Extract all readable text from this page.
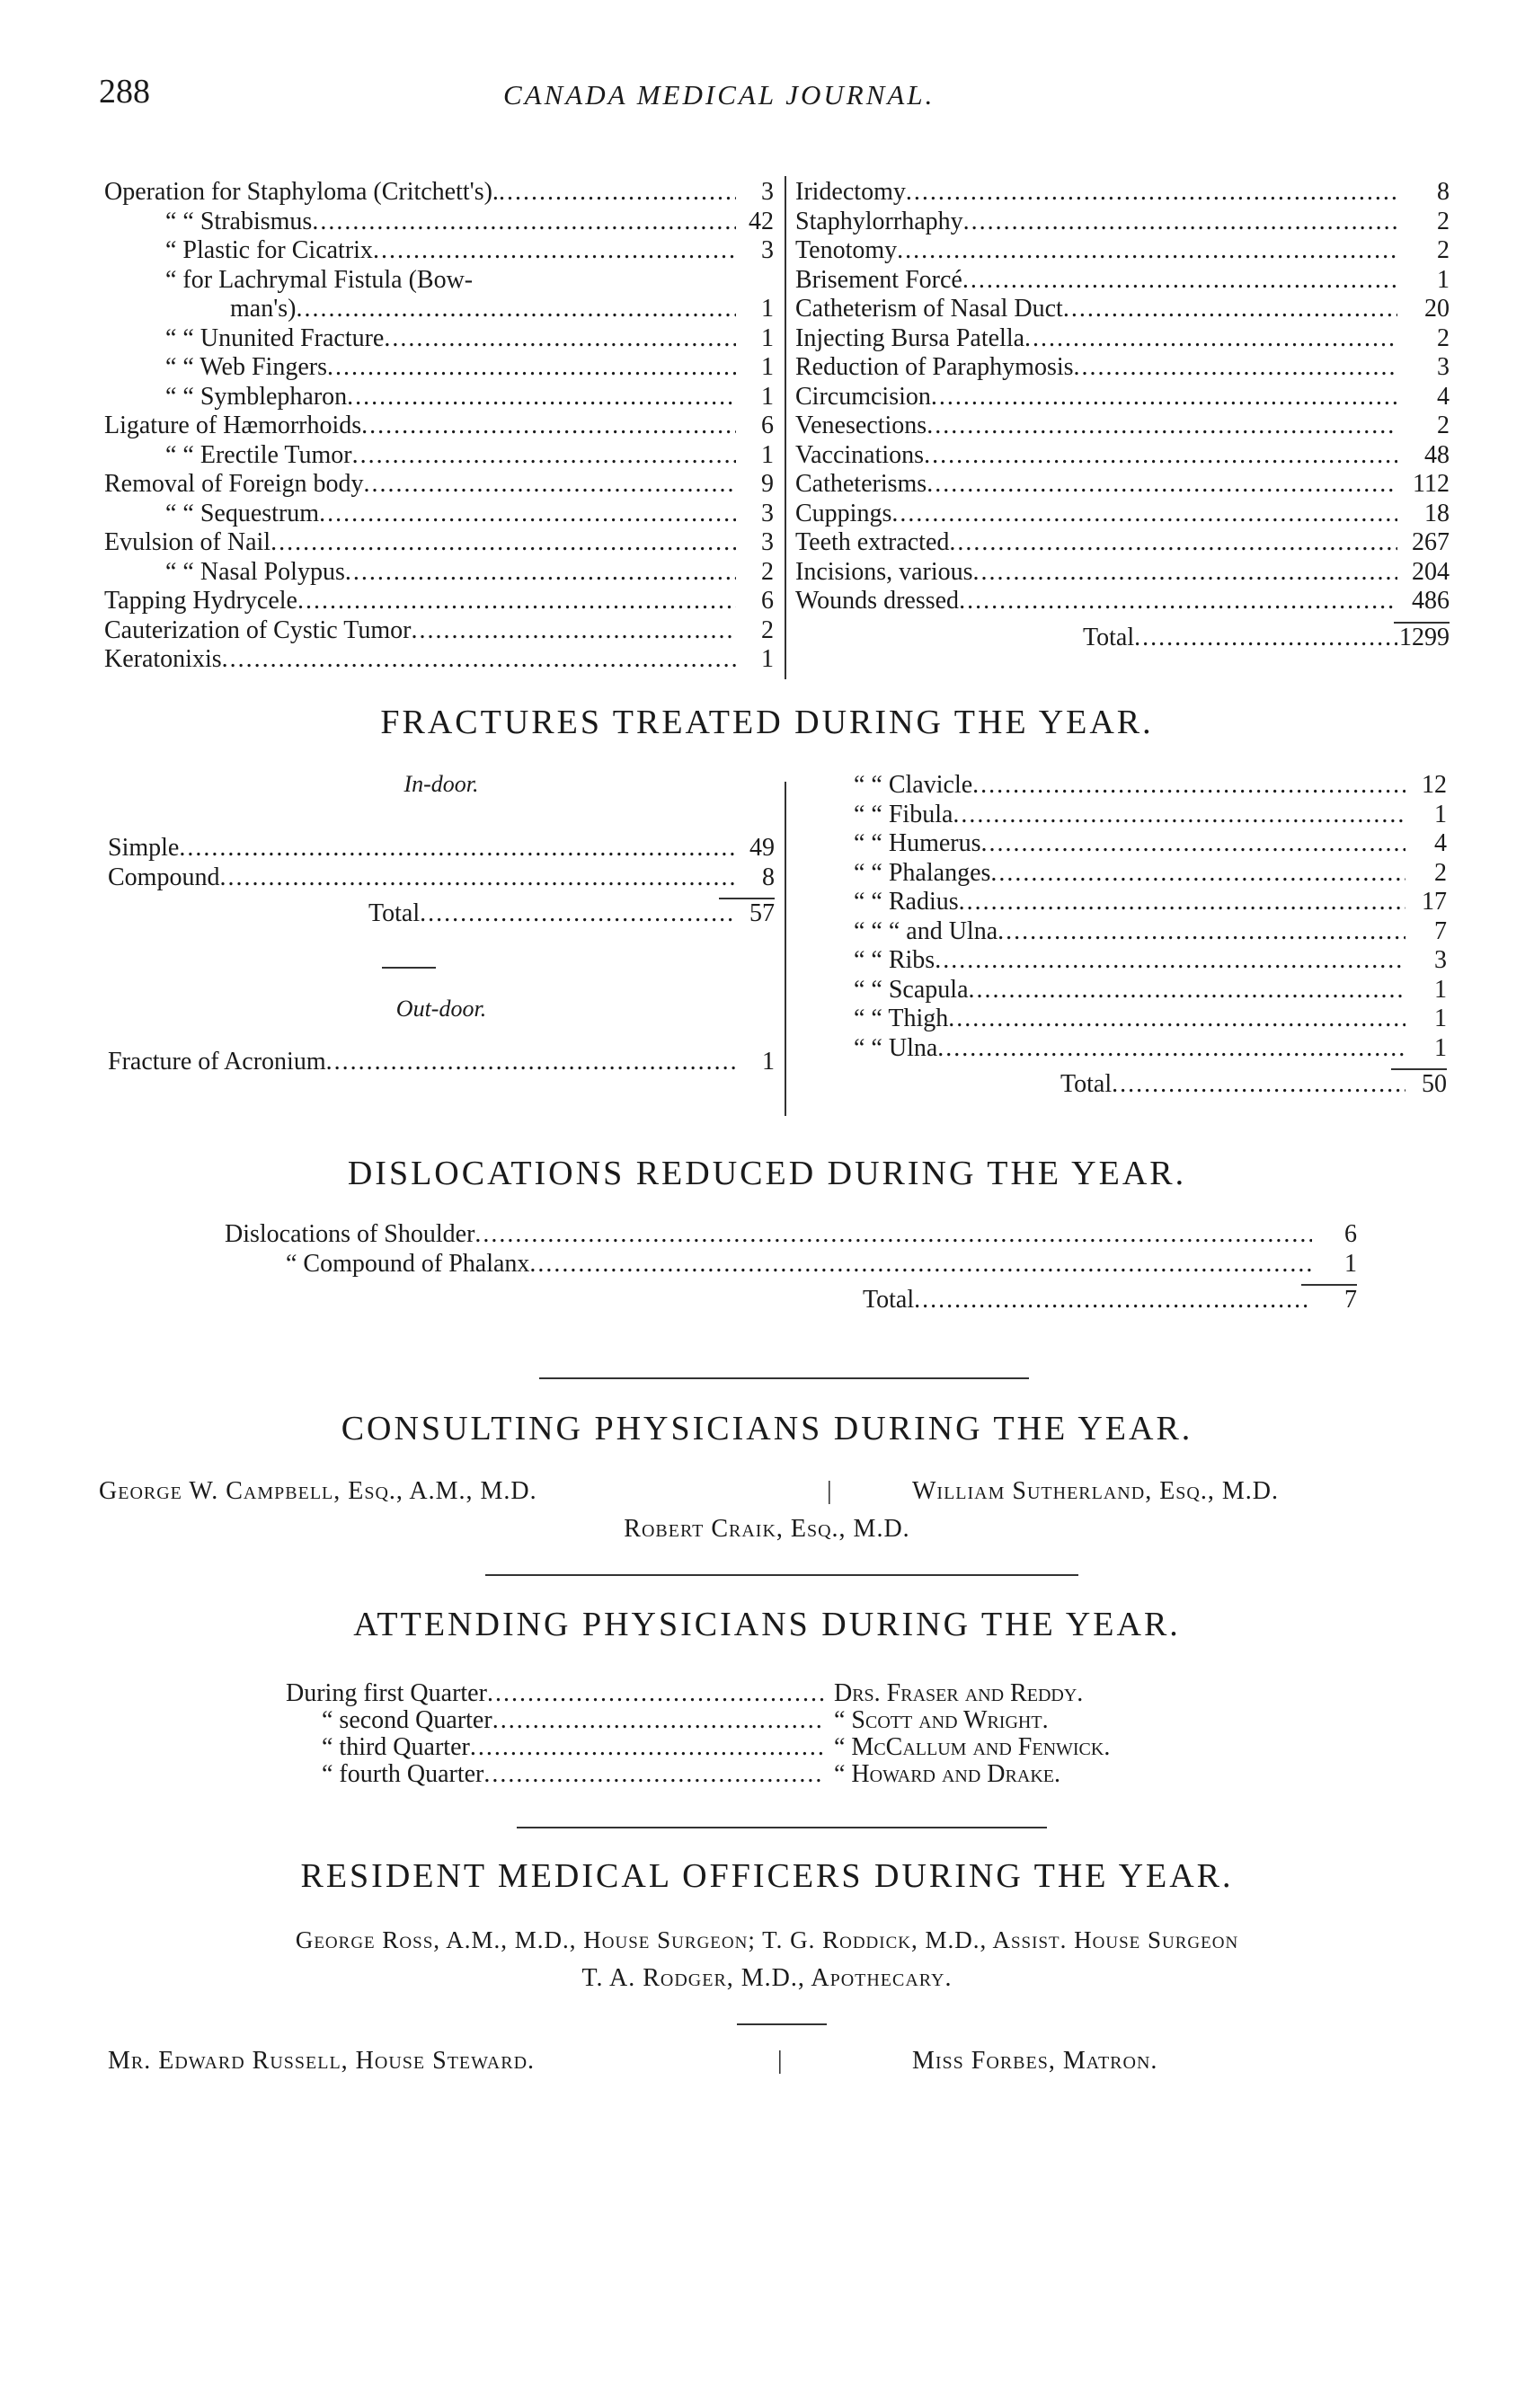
288	CANADA MEDICAL JOURNAL.
Operation for Staphyloma (Critchett's). .....	3
“ “ Strabismus .....	42
“ Plastic for Cicatrix .....	3
“ for Lachrymal Fistula (Bow-
man's) .....	1
“ “ Ununited Fracture .....	1
“ “ Web Fingers .....	1
“ “ Symblepharon .....	1
Ligature of Hæmorrhoids .....	6
“ “ Erectile Tumor .....	1
Removal of Foreign body .....	9
“ “ Sequestrum .....	3
Evulsion of Nail .....	3
“ “ Nasal Polypus .....	2
Tapping Hydrycele .....	6
Cauterization of Cystic Tumor .....	2
Keratonixis .....	1
Iridectomy .....	8
Staphylorrhaphy .....	2
Tenotomy .....	2
Brisement Forcé .....	1
Catheterism of Nasal Duct .....	20
Injecting Bursa Patella .....	2
Reduction of Paraphymosis .....	3
Circumcision .....	4
Venesections .....	2
Vaccinations .....	48
Catheterisms .....	112
Cuppings .....	18
Teeth extracted .....	267
Incisions, various .....	204
Wounds dressed .....	486
Total .....	1299
FRACTURES TREATED DURING THE YEAR.
In-door.
Simple .....	49
Compound .....	8
Total .....	57
Out-door.
Fracture of Acronium .....	1
“ “ Clavicle .....	12
“ “ Fibula .....	1
“ “ Humerus .....	4
“ “ Phalanges .....	2
“ “ Radius .....	17
“ “ “ and Ulna .....	7
“ “ Ribs .....	3
“ “ Scapula .....	1
“ “ Thigh .....	1
“ “ Ulna .....	1
Total .....	50
DISLOCATIONS REDUCED DURING THE YEAR.
Dislocations of Shoulder .....	6
“ Compound of Phalanx .....	1
Total .....	7
CONSULTING PHYSICIANS DURING THE YEAR.
George W. Campbell, Esq., A.M., M.D.	|	William Sutherland, Esq., M.D.
Robert Craik, Esq., M.D.
ATTENDING PHYSICIANS DURING THE YEAR.
During first Quarter .....	Drs. Fraser and Reddy.
“ second Quarter .....	“ Scott and Wright.
“ third Quarter .....	“ McCallum and Fenwick.
“ fourth Quarter .....	“ Howard and Drake.
RESIDENT MEDICAL OFFICERS DURING THE YEAR.
George Ross, A.M., M.D., House Surgeon; T. G. Roddick, M.D., Assist. House Surgeon
T. A. Rodger, M.D., Apothecary.
Mr. Edward Russell, House Steward.	|	Miss Forbes, Matron.
